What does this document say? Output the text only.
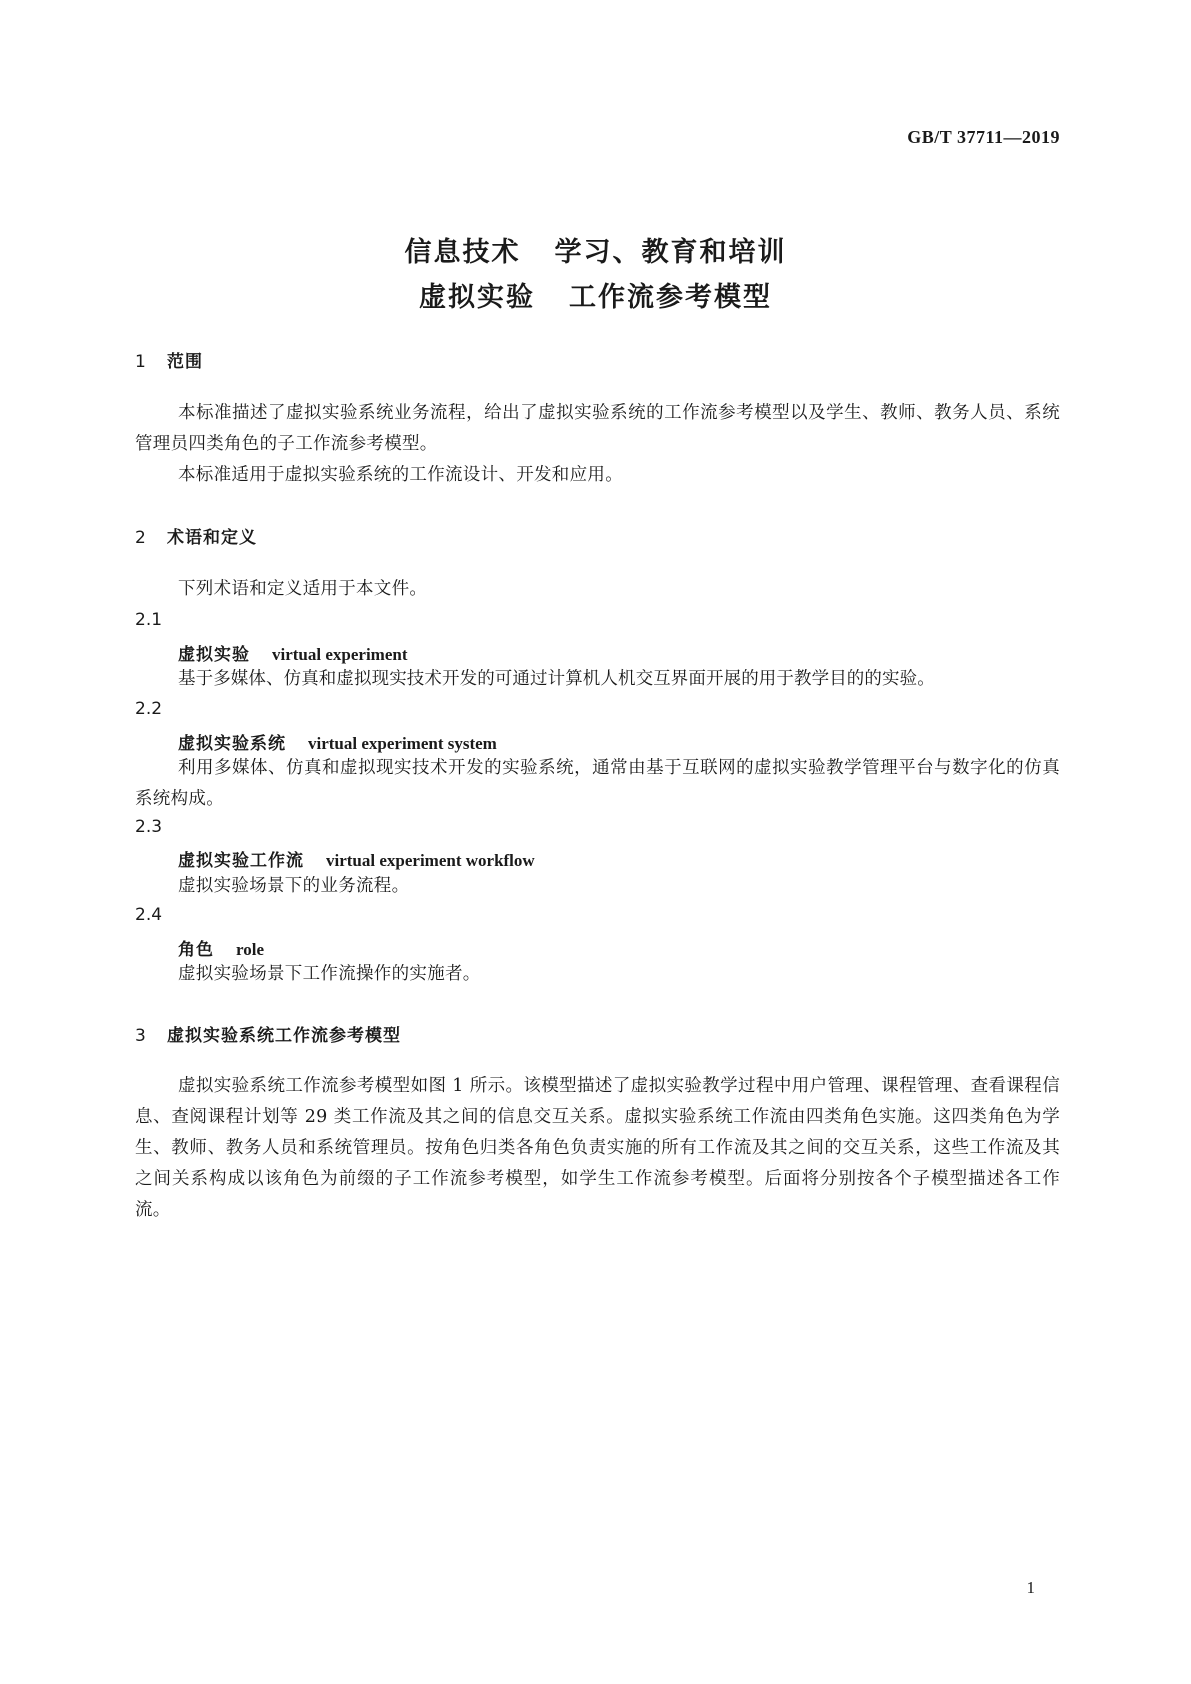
GB/T 37711—2019
信息技术 学习、教育和培训
虚拟实验 工作流参考模型
1 范围

本标准描述了虚拟实验系统业务流程，给出了虚拟实验系统的工作流参考模型以及学生、教师、教务人员、系统管理员四类角色的子工作流参考模型。

本标准适用于虚拟实验系统的工作流设计、开发和应用。

2 术语和定义

下列术语和定义适用于本文件。

2.1
虚拟实验 virtual experiment

基于多媒体、仿真和虚拟现实技术开发的可通过计算机人机交互界面开展的用于教学目的的实验。

2.2
虚拟实验系统 virtual experiment system

利用多媒体、仿真和虚拟现实技术开发的实验系统，通常由基于互联网的虚拟实验教学管理平台与数字化的仿真系统构成。

2.3
虚拟实验工作流 virtual experiment workflow

虚拟实验场景下的业务流程。

2.4
角色 role

虚拟实验场景下工作流操作的实施者。

3 虚拟实验系统工作流参考模型

虚拟实验系统工作流参考模型如图 1 所示。该模型描述了虚拟实验教学过程中用户管理、课程管理、查看课程信息、查阅课程计划等 29 类工作流及其之间的信息交互关系。虚拟实验系统工作流由四类角色实施。这四类角色为学生、教师、教务人员和系统管理员。按角色归类各角色负责实施的所有工作流及其之间的交互关系，这些工作流及其之间关系构成以该角色为前缀的子工作流参考模型，如学生工作流参考模型。后面将分别按各个子模型描述各工作流。

1
